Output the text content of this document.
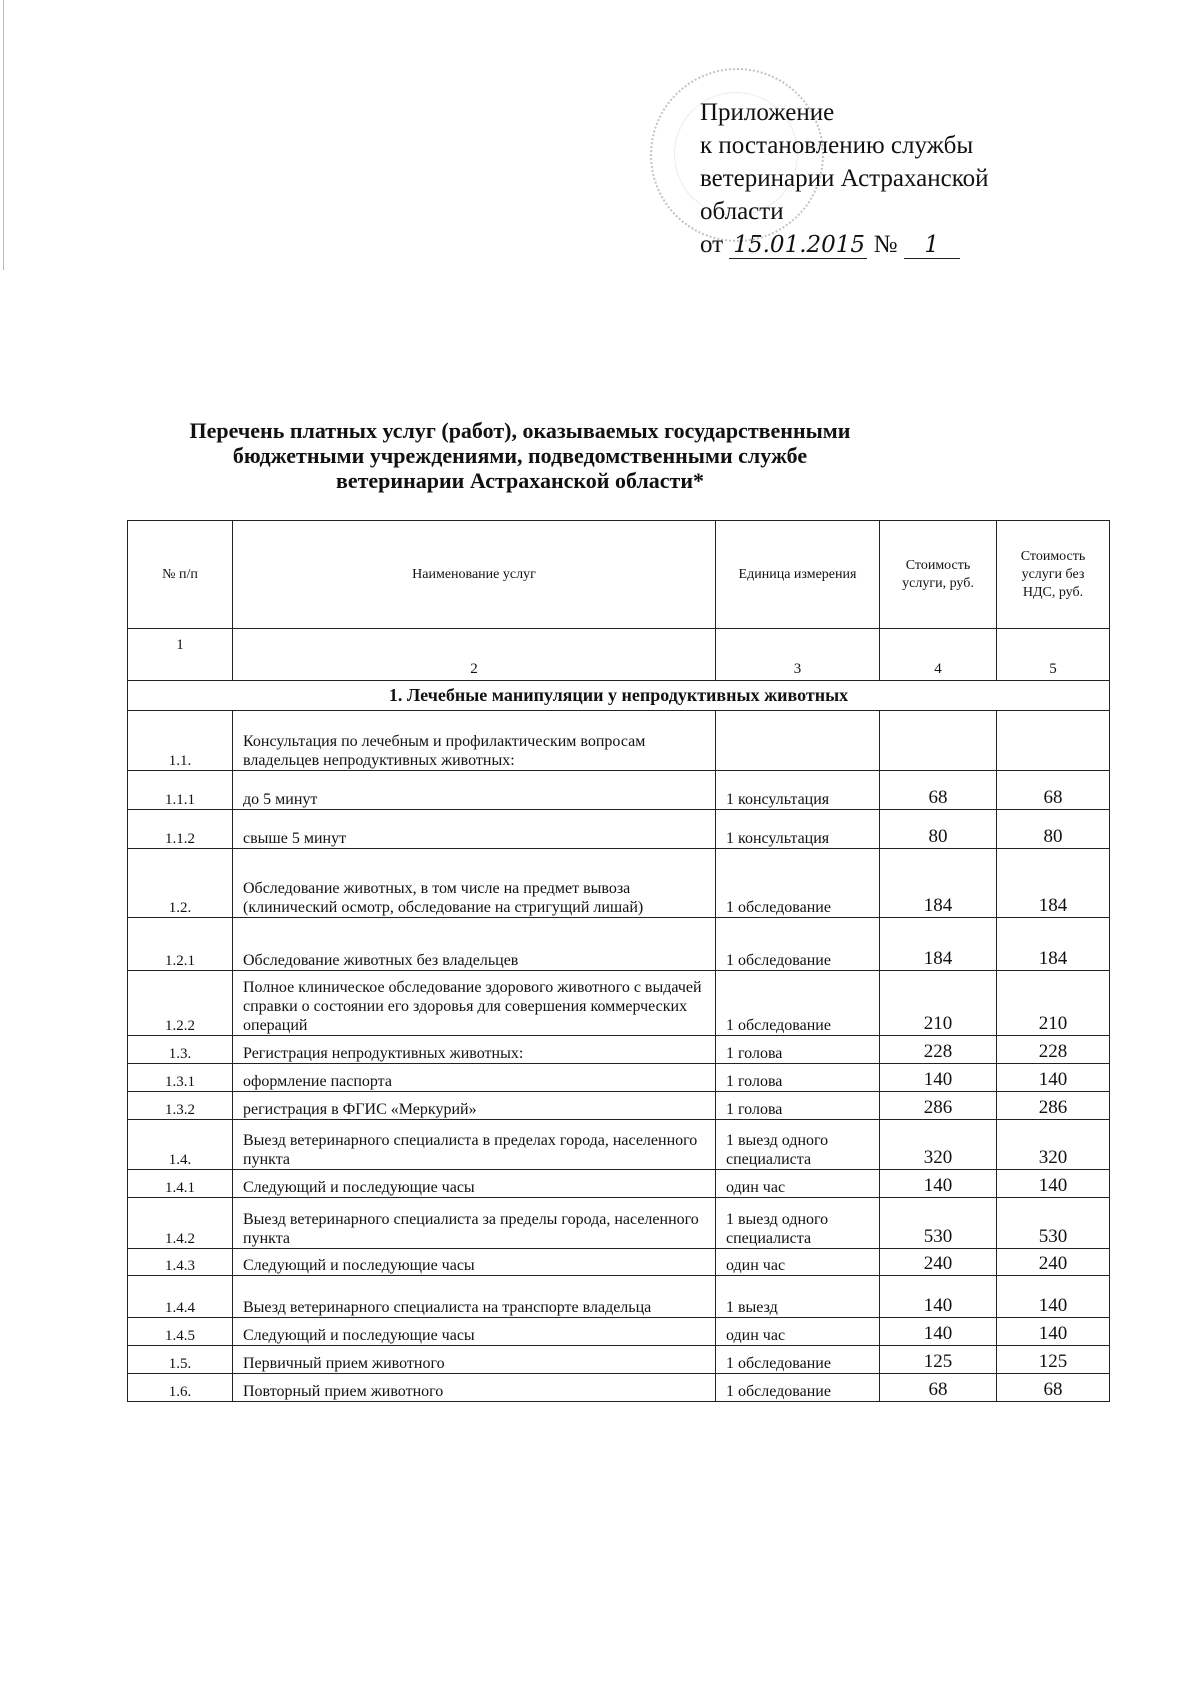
Приложение
к постановлению службы
ветеринарии Астраханской
области
от 15.01.2015 № 1
Перечень платных услуг (работ), оказываемых государственными
бюджетными учреждениями, подведомственными службе
ветеринарии Астраханской области*
№ п/п	Наименование услуг	Единица измерения	Стоимость услуги, руб.	Стоимость услуги без НДС, руб.
1	2	3	4	5
1. Лечебные манипуляции у непродуктивных животных				
1.1.	Консультация по лечебным и профилактическим вопросам владельцев непродуктивных животных:			
1.1.1	до 5 минут	1 консультация	68	68
1.1.2	свыше 5 минут	1 консультация	80	80
1.2.	Обследование животных, в том числе на предмет вывоза (клинический осмотр, обследование на стригущий лишай)	1 обследование	184	184
1.2.1	Обследование животных без владельцев	1 обследование	184	184
1.2.2	Полное клиническое обследование здорового животного с выдачей справки о состоянии его здоровья для совершения коммерческих операций	1 обследование	210	210
1.3.	Регистрация непродуктивных животных:	1 голова	228	228
1.3.1	оформление паспорта	1 голова	140	140
1.3.2	регистрация в ФГИС «Меркурий»	1 голова	286	286
1.4.	Выезд ветеринарного специалиста в пределах города, населенного пункта	1 выезд одного специалиста	320	320
1.4.1	Следующий и последующие часы	один час	140	140
1.4.2	Выезд ветеринарного специалиста за пределы города, населенного пункта	1 выезд одного специалиста	530	530
1.4.3	Следующий и последующие часы	один час	240	240
1.4.4	Выезд ветеринарного специалиста на транспорте владельца	1 выезд	140	140
1.4.5	Следующий и последующие часы	один час	140	140
1.5.	Первичный прием животного	1 обследование	125	125
1.6.	Повторный прием животного	1 обследование	68	68
